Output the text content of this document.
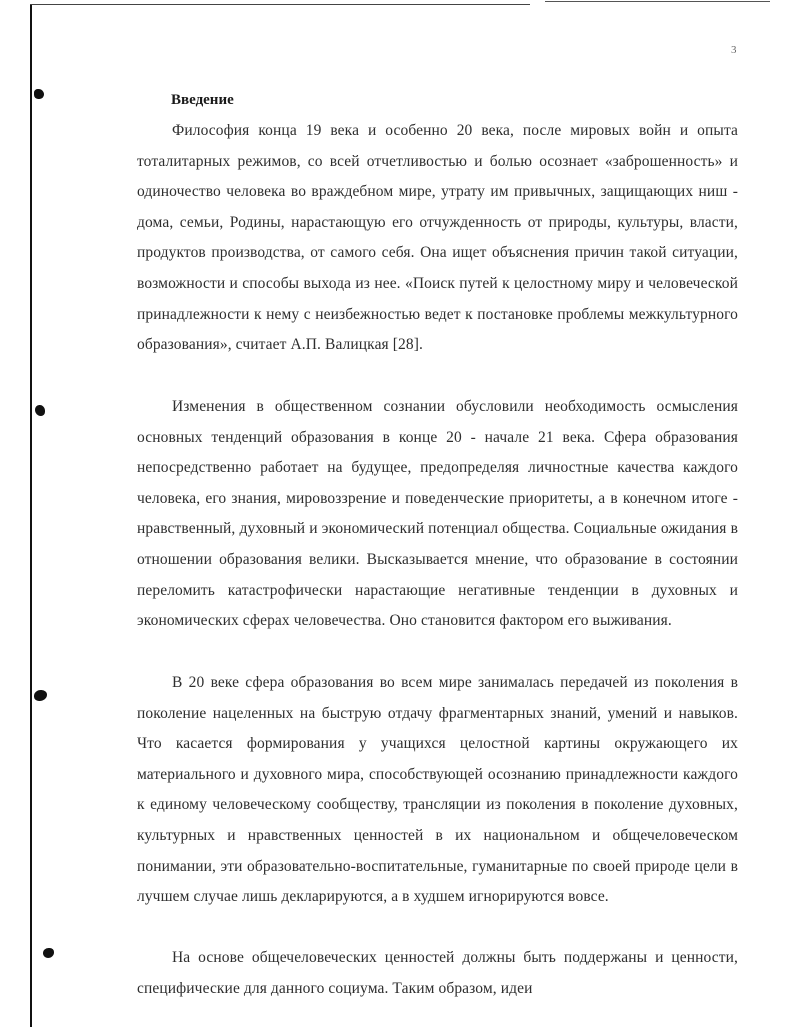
3
Введение

Философия конца 19 века и особенно 20 века, после мировых войн и опыта тоталитарных режимов, со всей отчетливостью и болью осознает «заброшенность» и одиночество человека во враждебном мире, утрату им привычных, защищающих ниш - дома, семьи, Родины, нарастающую его отчужденность от природы, культуры, власти, продуктов производства, от самого себя. Она ищет объяснения причин такой ситуации, возможности и способы выхода из нее. «Поиск путей к целостному миру и человеческой принадлежности к нему с неизбежностью ведет к постановке проблемы межкультурного образования», считает А.П. Валицкая [28].

Изменения в общественном сознании обусловили необходимость осмысления основных тенденций образования в конце 20 - начале 21 века. Сфера образования непосредственно работает на будущее, предопределяя личностные качества каждого человека, его знания, мировоззрение и поведенческие приоритеты, а в конечном итоге - нравственный, духовный и экономический потенциал общества. Социальные ожидания в отношении образования велики. Высказывается мнение, что образование в состоянии переломить катастрофически нарастающие негативные тенденции в духовных и экономических сферах человечества. Оно становится фактором его выживания.

В 20 веке сфера образования во всем мире занималась передачей из поколения в поколение нацеленных на быструю отдачу фрагментарных знаний, умений и навыков. Что касается формирования у учащихся целостной картины окружающего их материального и духовного мира, способствующей осознанию принадлежности каждого к единому человеческому сообществу, трансляции из поколения в поколение духовных, культурных и нравственных ценностей в их национальном и общечеловеческом понимании, эти образовательно-воспитательные, гуманитарные по своей природе цели в лучшем случае лишь декларируются, а в худшем игнорируются вовсе.

На основе общечеловеческих ценностей должны быть поддержаны и ценности, специфические для данного социума. Таким образом, идеи
